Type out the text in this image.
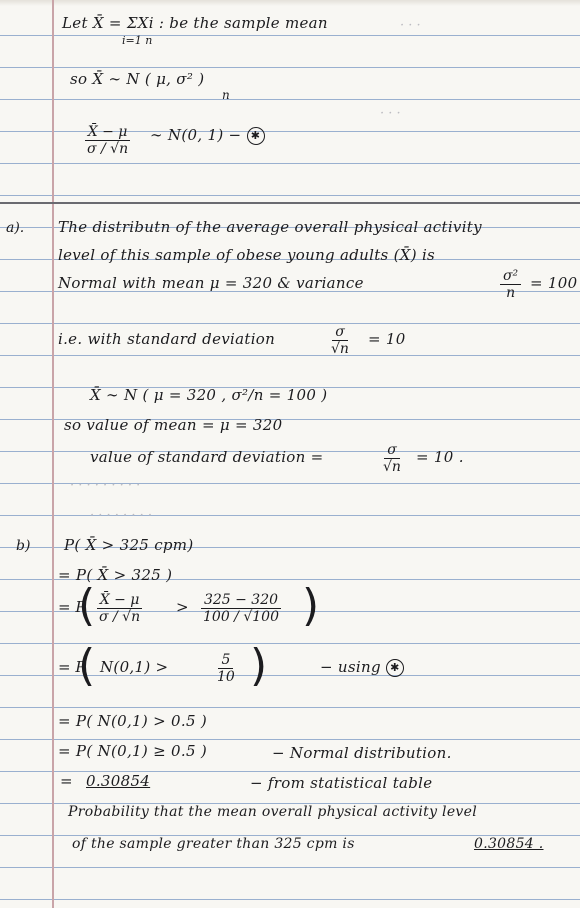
· · ·
· · ·
Let X̄ = ΣXi : be the sample mean
i=1 n
so X̄ ∼ N ( μ, σ² )
n
$\frac{X̄ - \mu}{\sigma / √n}$ ∼ N(0, 1) − ✱
a). The distributn of the average overall physical activity
level of this sample of obese young adults (X̄) is
Normal with mean μ = 320 & variance	$\frac{\text{σ²}}{n} = 100$
i.e. with standard deviation	$\frac{\sigma}{√n} = 10$
X̄ ∼ N ( μ = 320 , σ²/n = 100 )
so value of mean = μ = 320
value of standard deviation =	$\frac{\sigma}{√n} = 10$ .
· · · · · · · · ·
· · · · · · · ·
b) P( X̄ > 325 cpm)
= P( X̄ > 325 )
= P
( $\frac{X̄ - \mu}{\sigma / √n} > \frac{325 - 320}{100 / √100}$ )
= P
( N(0,1) >	$\frac{5}{10}$ )	− using ✱
= P( N(0,1) > 0.5 )
= P( N(0,1) ≥ 0.5 )	− Normal distribution.
= 0.30854	− from statistical table
Probability that the mean overall physical activity level
of the sample greater than 325 cpm is	0.30854 .
